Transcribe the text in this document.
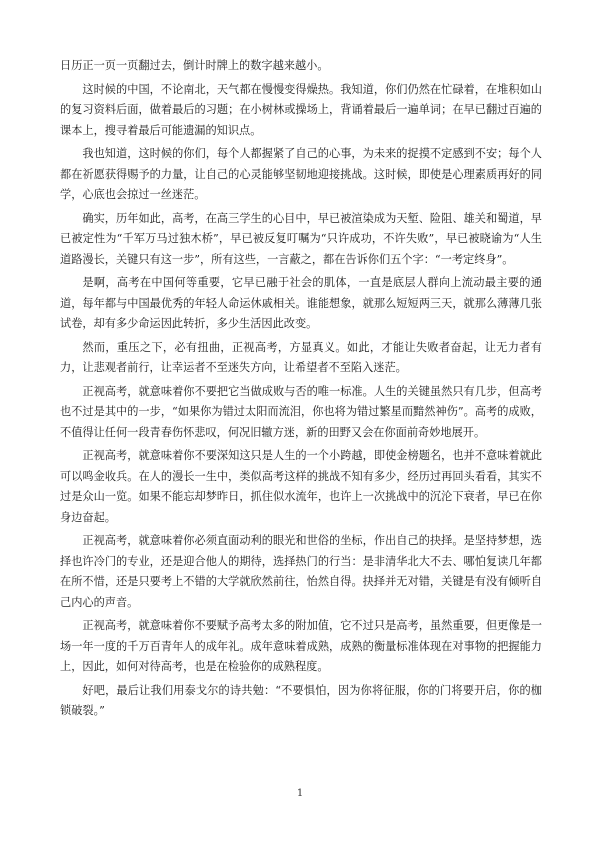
日历正一页一页翻过去，倒计时牌上的数字越来越小。

这时候的中国，不论南北，天气都在慢慢变得燥热。我知道，你们仍然在忙碌着，在堆积如山的复习资料后面，做着最后的习题；在小树林或操场上，背诵着最后一遍单词；在早已翻过百遍的课本上，搜寻着最后可能遗漏的知识点。

我也知道，这时候的你们，每个人都握紧了自己的心事，为未来的捉摸不定感到不安；每个人都在祈愿获得赐予的力量，让自己的心灵能够坚韧地迎接挑战。这时候，即使是心理素质再好的同学，心底也会掠过一丝迷茫。

确实，历年如此，高考，在高三学生的心目中，早已被渲染成为天堑、险阻、雄关和蜀道，早已被定性为“千军万马过独木桥”，早已被反复叮嘱为“只许成功，不许失败”，早已被晓谕为“人生道路漫长，关键只有这一步”，所有这些，一言蔽之，都在告诉你们五个字：“一考定终身”。

是啊，高考在中国何等重要，它早已融于社会的肌体，一直是底层人群向上流动最主要的通道，每年都与中国最优秀的年轻人命运休戚相关。谁能想象，就那么短短两三天，就那么薄薄几张试卷，却有多少命运因此转折，多少生活因此改变。

然而，重压之下，必有扭曲，正视高考，方显真义。如此，才能让失败者奋起，让无力者有力，让悲观者前行，让幸运者不至迷失方向，让希望者不至陷入迷茫。

正视高考，就意味着你不要把它当做成败与否的唯一标准。人生的关键虽然只有几步，但高考也不过是其中的一步，“如果你为错过太阳而流泪，你也将为错过繁星而黯然神伤”。高考的成败，不值得让任何一段青春伤怀悲叹，何况旧辙方迷，新的田野又会在你面前奇妙地展开。

正视高考，就意味着你不要深知这只是人生的一个小跨越，即使金榜题名，也并不意味着就此可以鸣金收兵。在人的漫长一生中，类似高考这样的挑战不知有多少，经历过再回头看看，其实不过是众山一览。如果不能忘却梦昨日，抓住似水流年，也许上一次挑战中的沉沦下衰者，早已在你身边奋起。

正视高考，就意味着你必须直面动利的眼光和世俗的坐标，作出自己的抉择。是坚持梦想，选择也许冷门的专业，还是迎合他人的期待，选择热门的行当：是非清华北大不去、哪怕复读几年都在所不惜，还是只要考上不错的大学就欣然前往，怡然自得。抉择并无对错，关键是有没有倾听自己内心的声音。

正视高考，就意味着你不要赋予高考太多的附加值，它不过只是高考，虽然重要，但更像是一场一年一度的千万百青年人的成年礼。成年意味着成熟，成熟的衡量标准体现在对事物的把握能力上，因此，如何对待高考，也是在检验你的成熟程度。

好吧，最后让我们用泰戈尔的诗共勉：“不要惧怕，因为你将征服，你的门将要开启，你的枷锁破裂。”

1
